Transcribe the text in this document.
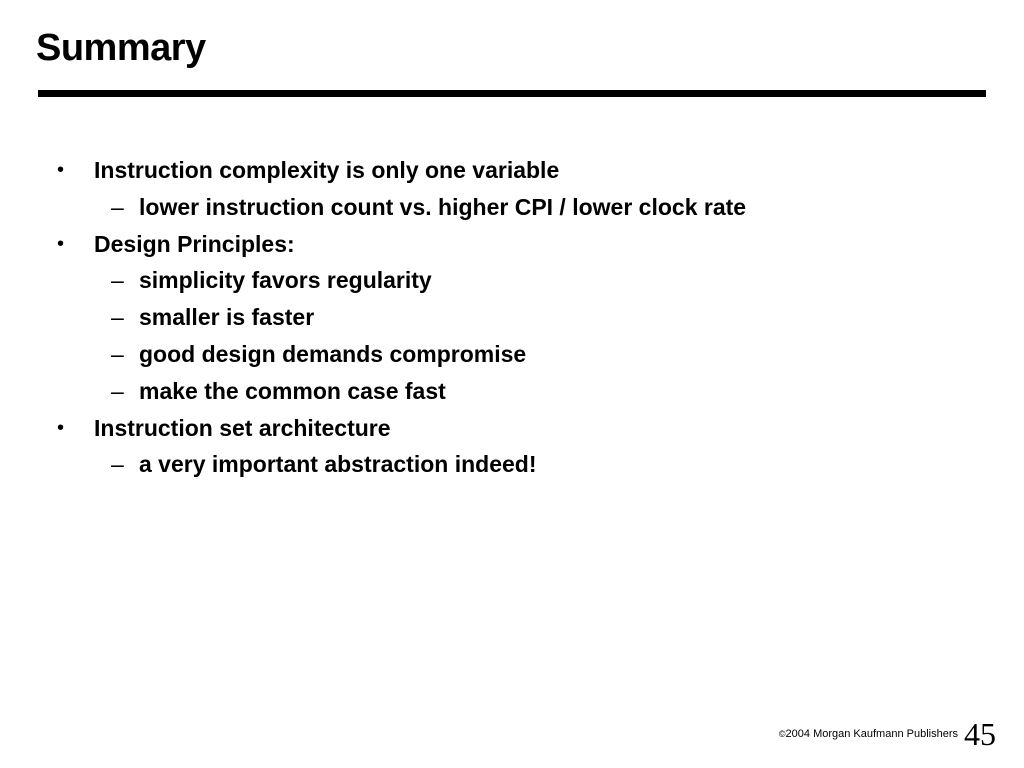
Summary
• Instruction complexity is only one variable
– lower instruction count vs. higher CPI / lower clock rate
• Design Principles:
– simplicity favors regularity
– smaller is faster
– good design demands compromise
– make the common case fast
• Instruction set architecture
– a very important abstraction indeed!
©2004 Morgan Kaufmann Publishers 45
